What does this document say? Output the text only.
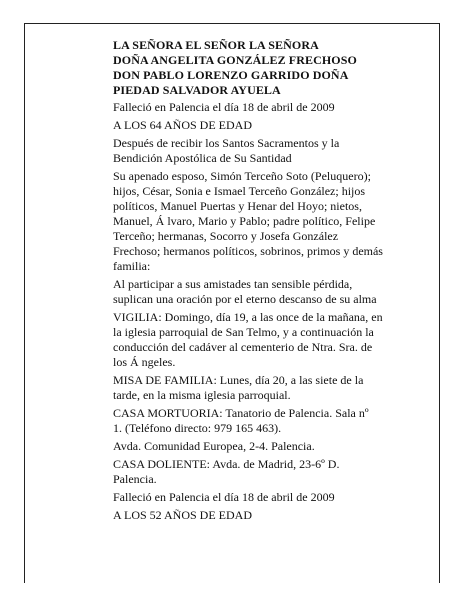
LA SEÑORA EL SEÑOR LA SEÑORA
DOÑA ANGELITA GONZÁLEZ FRECHOSO
DON PABLO LORENZO GARRIDO DOÑA
PIEDAD SALVADOR AYUELA
Falleció en Palencia el día 18 de abril de 2009
A LOS 64 AÑOS DE EDAD
Después de recibir los Santos Sacramentos y la
Bendición Apostólica de Su Santidad
Su apenado esposo, Simón Terceño Soto (Peluquero);
hijos, César, Sonia e Ismael Terceño González; hijos
políticos, Manuel Puertas y Henar del Hoyo; nietos,
Manuel, Á lvaro, Mario y Pablo; padre político, Felipe
Terceño; hermanas, Socorro y Josefa González
Frechoso; hermanos políticos, sobrinos, primos y demás
familia:
Al participar a sus amistades tan sensible pérdida,
suplican una oración por el eterno descanso de su alma
VIGILIA: Domingo, día 19, a las once de la mañana, en
la iglesia parroquial de San Telmo, y a continuación la
conducción del cadáver al cementerio de Ntra. Sra. de
los Á ngeles.
MISA DE FAMILIA: Lunes, día 20, a las siete de la
tarde, en la misma iglesia parroquial.
CASA MORTUORIA: Tanatorio de Palencia. Sala nº
1. (Teléfono directo: 979 165 463).
Avda. Comunidad Europea, 2-4. Palencia.
CASA DOLIENTE: Avda. de Madrid, 23-6º D.
Palencia.
Falleció en Palencia el día 18 de abril de 2009
A LOS 52 AÑOS DE EDAD
